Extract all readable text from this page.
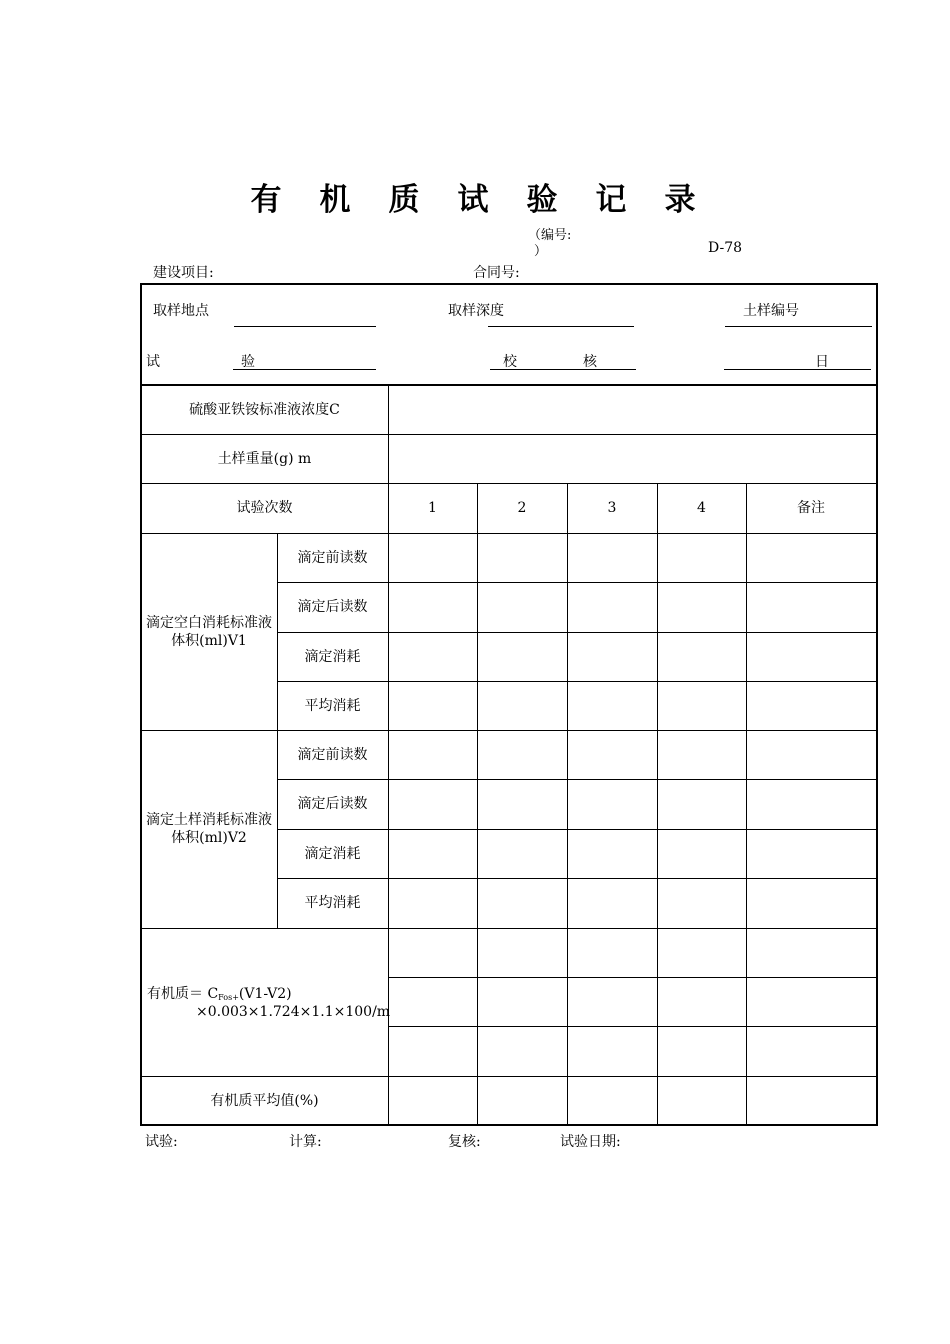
有 机 质 试 验 记 录
（编号:
）	D-78
建设项目:	合同号:
取样地点	取样深度	土样编号
试	验	校	核	日
硫酸亚铁铵标准液浓度C
土样重量(g) m
试验次数	1	2	3	4	备注
滴定空白消耗标准液体积(ml)V1
滴定前读数
滴定后读数
滴定消耗
平均消耗
滴定土样消耗标准液体积(ml)V2
滴定前读数
滴定后读数
滴定消耗
平均消耗
有机质＝ $C_{Fos+}(V1-V2)$
×0.003×1.724×1.1×100/m
有机质平均值(%)
试验:	计算:	复核:	试验日期:
